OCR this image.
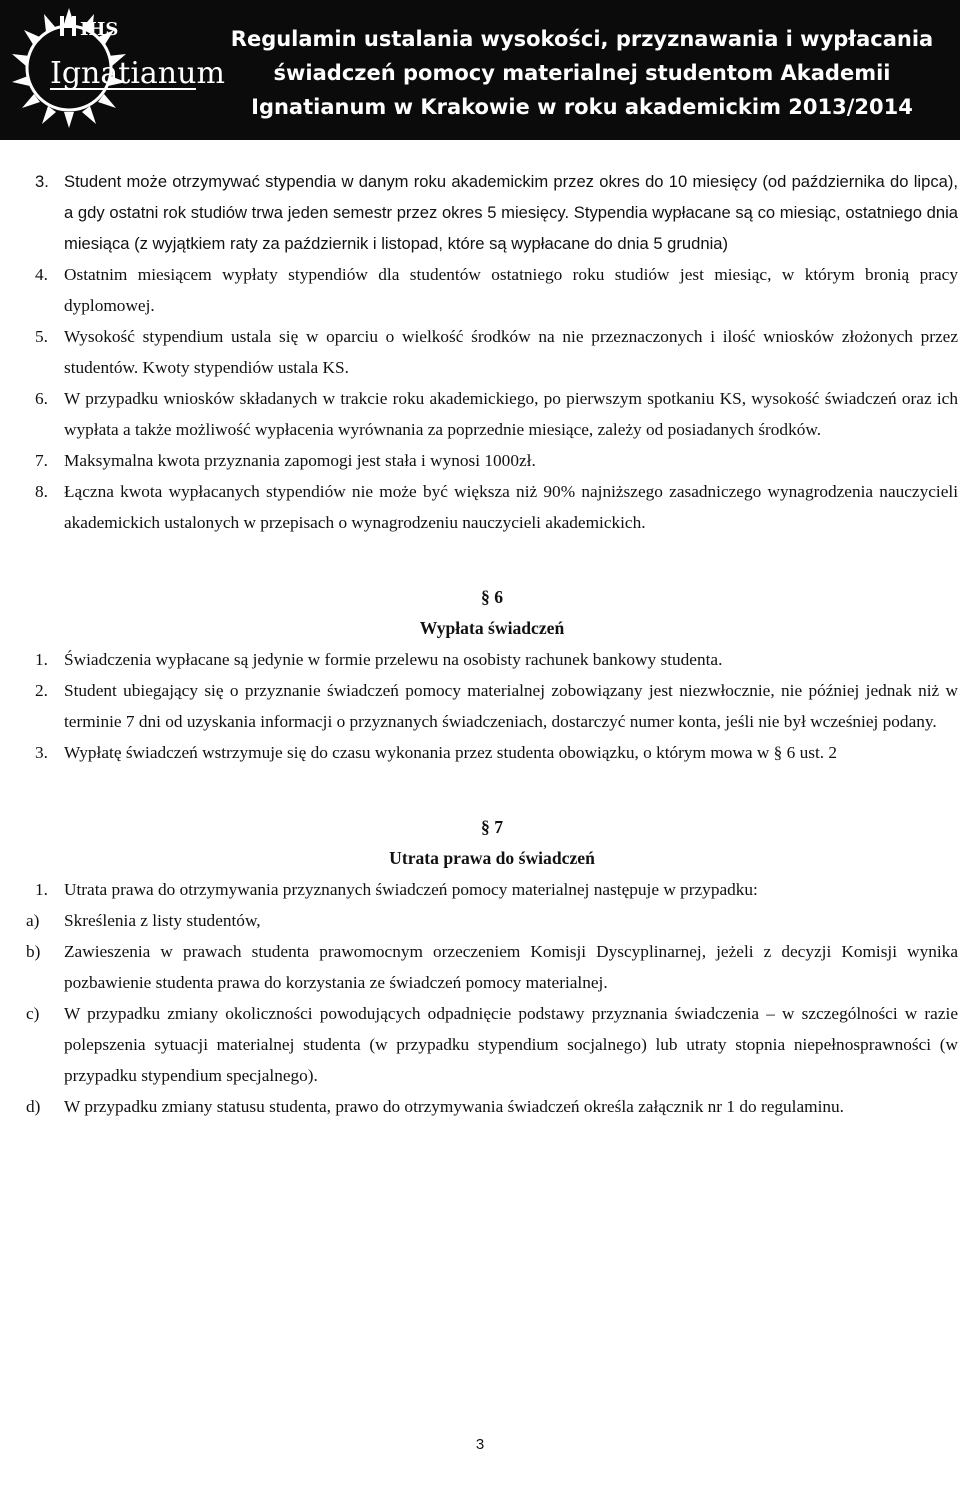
IHS
Ignatianum
Regulamin ustalania wysokości, przyznawania i wypłacania
świadczeń pomocy materialnej studentom Akademii
Ignatianum w Krakowie w roku akademickim 2013/2014
3. Student może otrzymywać stypendia w danym roku akademickim przez okres do 10 miesięcy (od października do lipca), a gdy ostatni rok studiów trwa jeden semestr przez okres 5 miesięcy. Stypendia wypłacane są co miesiąc, ostatniego dnia miesiąca (z wyjątkiem raty za październik i listopad, które są wypłacane do dnia 5 grudnia)
4. Ostatnim miesiącem wypłaty stypendiów dla studentów ostatniego roku studiów jest miesiąc, w którym bronią pracy dyplomowej.
5. Wysokość stypendium ustala się w oparciu o wielkość środków na nie przeznaczonych i ilość wniosków złożonych przez studentów. Kwoty stypendiów ustala KS.
6. W przypadku wniosków składanych w trakcie roku akademickiego, po pierwszym spotkaniu KS, wysokość świadczeń oraz ich wypłata a także możliwość wypłacenia wyrównania za poprzednie miesiące, zależy od posiadanych środków.
7. Maksymalna kwota przyznania zapomogi jest stała i wynosi 1000zł.
8. Łączna kwota wypłacanych stypendiów nie może być większa niż 90% najniższego zasadniczego wynagrodzenia nauczycieli akademickich ustalonych w przepisach o wynagrodzeniu nauczycieli akademickich.
§ 6
Wypłata świadczeń
1. Świadczenia wypłacane są jedynie w formie przelewu na osobisty rachunek bankowy studenta.
2. Student ubiegający się o przyznanie świadczeń pomocy materialnej zobowiązany jest niezwłocznie, nie później jednak niż w terminie 7 dni od uzyskania informacji o przyznanych świadczeniach, dostarczyć numer konta, jeśli nie był wcześniej podany.
3. Wypłatę świadczeń wstrzymuje się do czasu wykonania przez studenta obowiązku, o którym mowa w § 6 ust. 2
§ 7
Utrata prawa do świadczeń
1. Utrata prawa do otrzymywania przyznanych świadczeń pomocy materialnej następuje w przypadku:
a) Skreślenia z listy studentów,
b) Zawieszenia w prawach studenta prawomocnym orzeczeniem Komisji Dyscyplinarnej, jeżeli z decyzji Komisji wynika pozbawienie studenta prawa do korzystania ze świadczeń pomocy materialnej.
c) W przypadku zmiany okoliczności powodujących odpadnięcie podstawy przyznania świadczenia – w szczególności w razie polepszenia sytuacji materialnej studenta (w przypadku stypendium socjalnego) lub utraty stopnia niepełnosprawności (w przypadku stypendium specjalnego).
d) W przypadku zmiany statusu studenta, prawo do otrzymywania świadczeń określa załącznik nr 1 do regulaminu.
3
